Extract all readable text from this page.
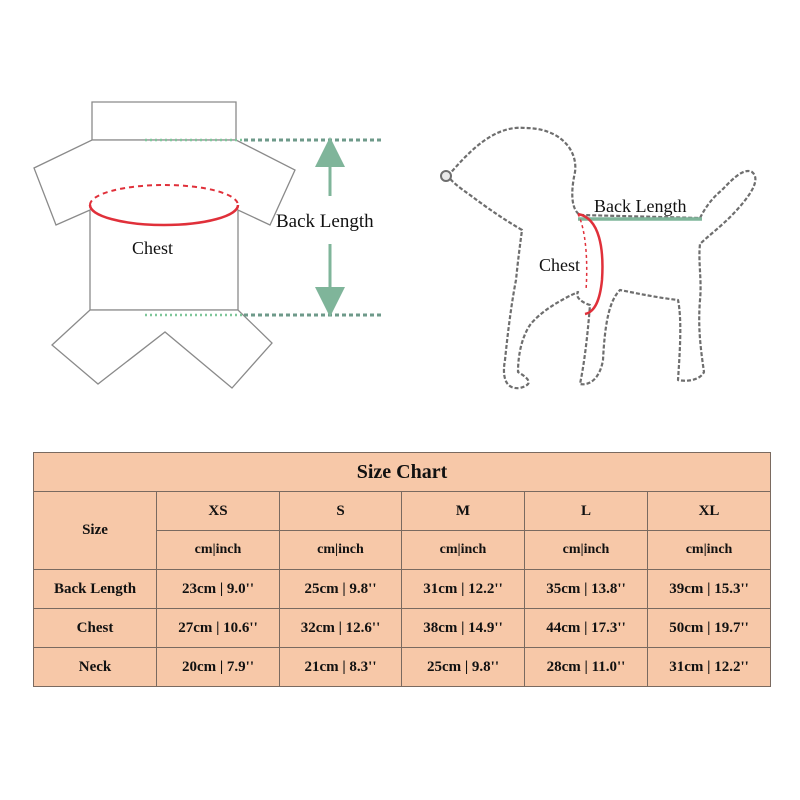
Chest
Back Length
Back Length
Chest
Size Chart					
Size	XS	S	M	L	XL
	cm|inch	cm|inch	cm|inch	cm|inch	cm|inch
Back Length	23cm | 9.0''	25cm | 9.8''	31cm | 12.2''	35cm | 13.8''	39cm | 15.3''
Chest	27cm | 10.6''	32cm | 12.6''	38cm | 14.9''	44cm | 17.3''	50cm | 19.7''
Neck	20cm | 7.9''	21cm | 8.3''	25cm | 9.8''	28cm | 11.0''	31cm | 12.2''
